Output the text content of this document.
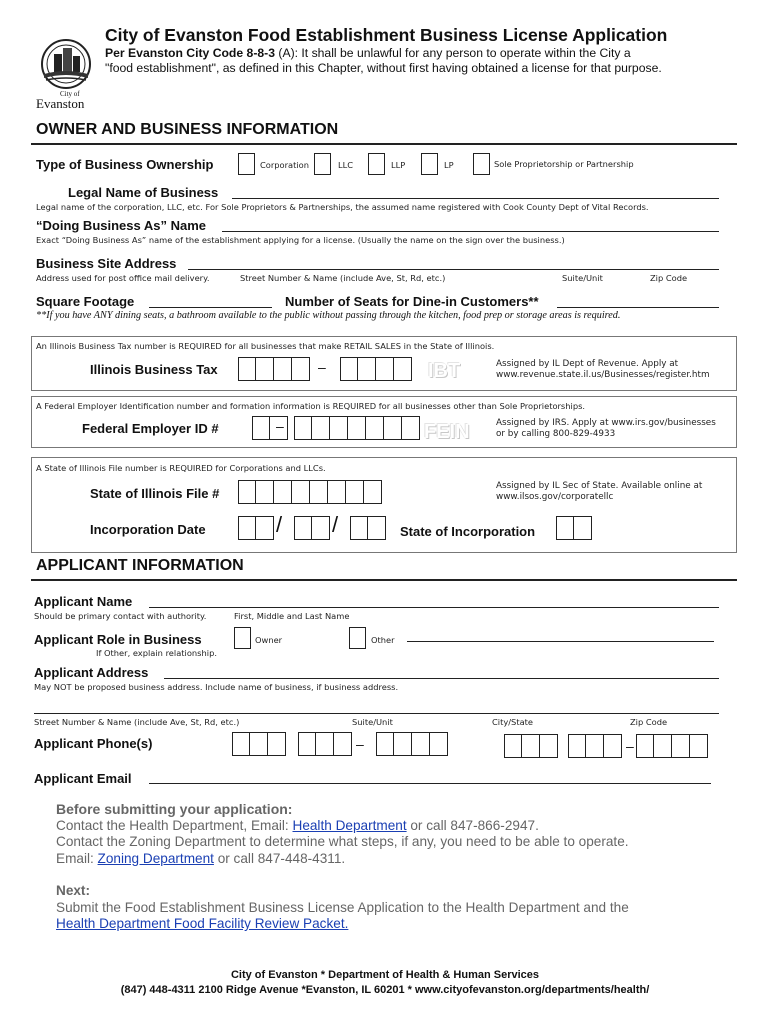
City of
Evanston
City of Evanston Food Establishment Business License Application
Per Evanston City Code 8-8-3 (A): It shall be unlawful for any person to operate within the City a
"food establishment", as defined in this Chapter, without first having obtained a license for that purpose.
OWNER AND BUSINESS INFORMATION
Type of Business Ownership	Corporation	LLC	LLP	LP	Sole Proprietorship or Partnership
Legal Name of Business
Legal name of the corporation, LLC, etc. For Sole Proprietors & Partnerships, the assumed name registered with Cook County Dept of Vital Records.
“Doing Business As” Name
Exact “Doing Business As” name of the establishment applying for a license. (Usually the name on the sign over the business.)
Business Site Address
Address used for post office mail delivery.	Street Number & Name (include Ave, St, Rd, etc.)	Suite/Unit	Zip Code
Square Footage	Number of Seats for Dine-in Customers**
**If you have ANY dining seats, a bathroom available to the public without passing through the kitchen, food prep or storage areas is required.
An Illinois Business Tax number is REQUIRED for all businesses that make RETAIL SALES in the State of Illinois.
Illinois Business Tax	–	IBT	Assigned by IL Dept of Revenue. Apply at
www.revenue.state.il.us/Businesses/register.htm
A Federal Employer Identification number and formation information is REQUIRED for all businesses other than Sole Proprietorships.
Federal Employer ID #	–	FEIN	Assigned by IRS. Apply at www.irs.gov/businesses
or by calling 800-829-4933
A State of Illinois File number is REQUIRED for Corporations and LLCs.
State of Illinois File #	Assigned by IL Sec of State. Available online at
www.ilsos.gov/corporatellc
Incorporation Date	/ /	State of Incorporation
APPLICANT INFORMATION
Applicant Name
Should be primary contact with authority.	First, Middle and Last Name
Applicant Role in Business	Owner	Other
If Other, explain relationship.
Applicant Address
May NOT be proposed business address. Include name of business, if business address.
Street Number & Name (include Ave, St, Rd, etc.)	Suite/Unit	City/State	Zip Code
Applicant Phone(s)	–	–
Applicant Email
Before submitting your application:
Contact the Health Department, Email: Health Department or call 847-866-2947.
Contact the Zoning Department to determine what steps, if any, you need to be able to operate.
Email: Zoning Department or call 847-448-4311.
Next:
Submit the Food Establishment Business License Application to the Health Department and the
Health Department Food Facility Review Packet.
City of Evanston * Department of Health & Human Services
(847) 448-4311 2100 Ridge Avenue *Evanston, IL 60201 * www.cityofevanston.org/departments/health/
